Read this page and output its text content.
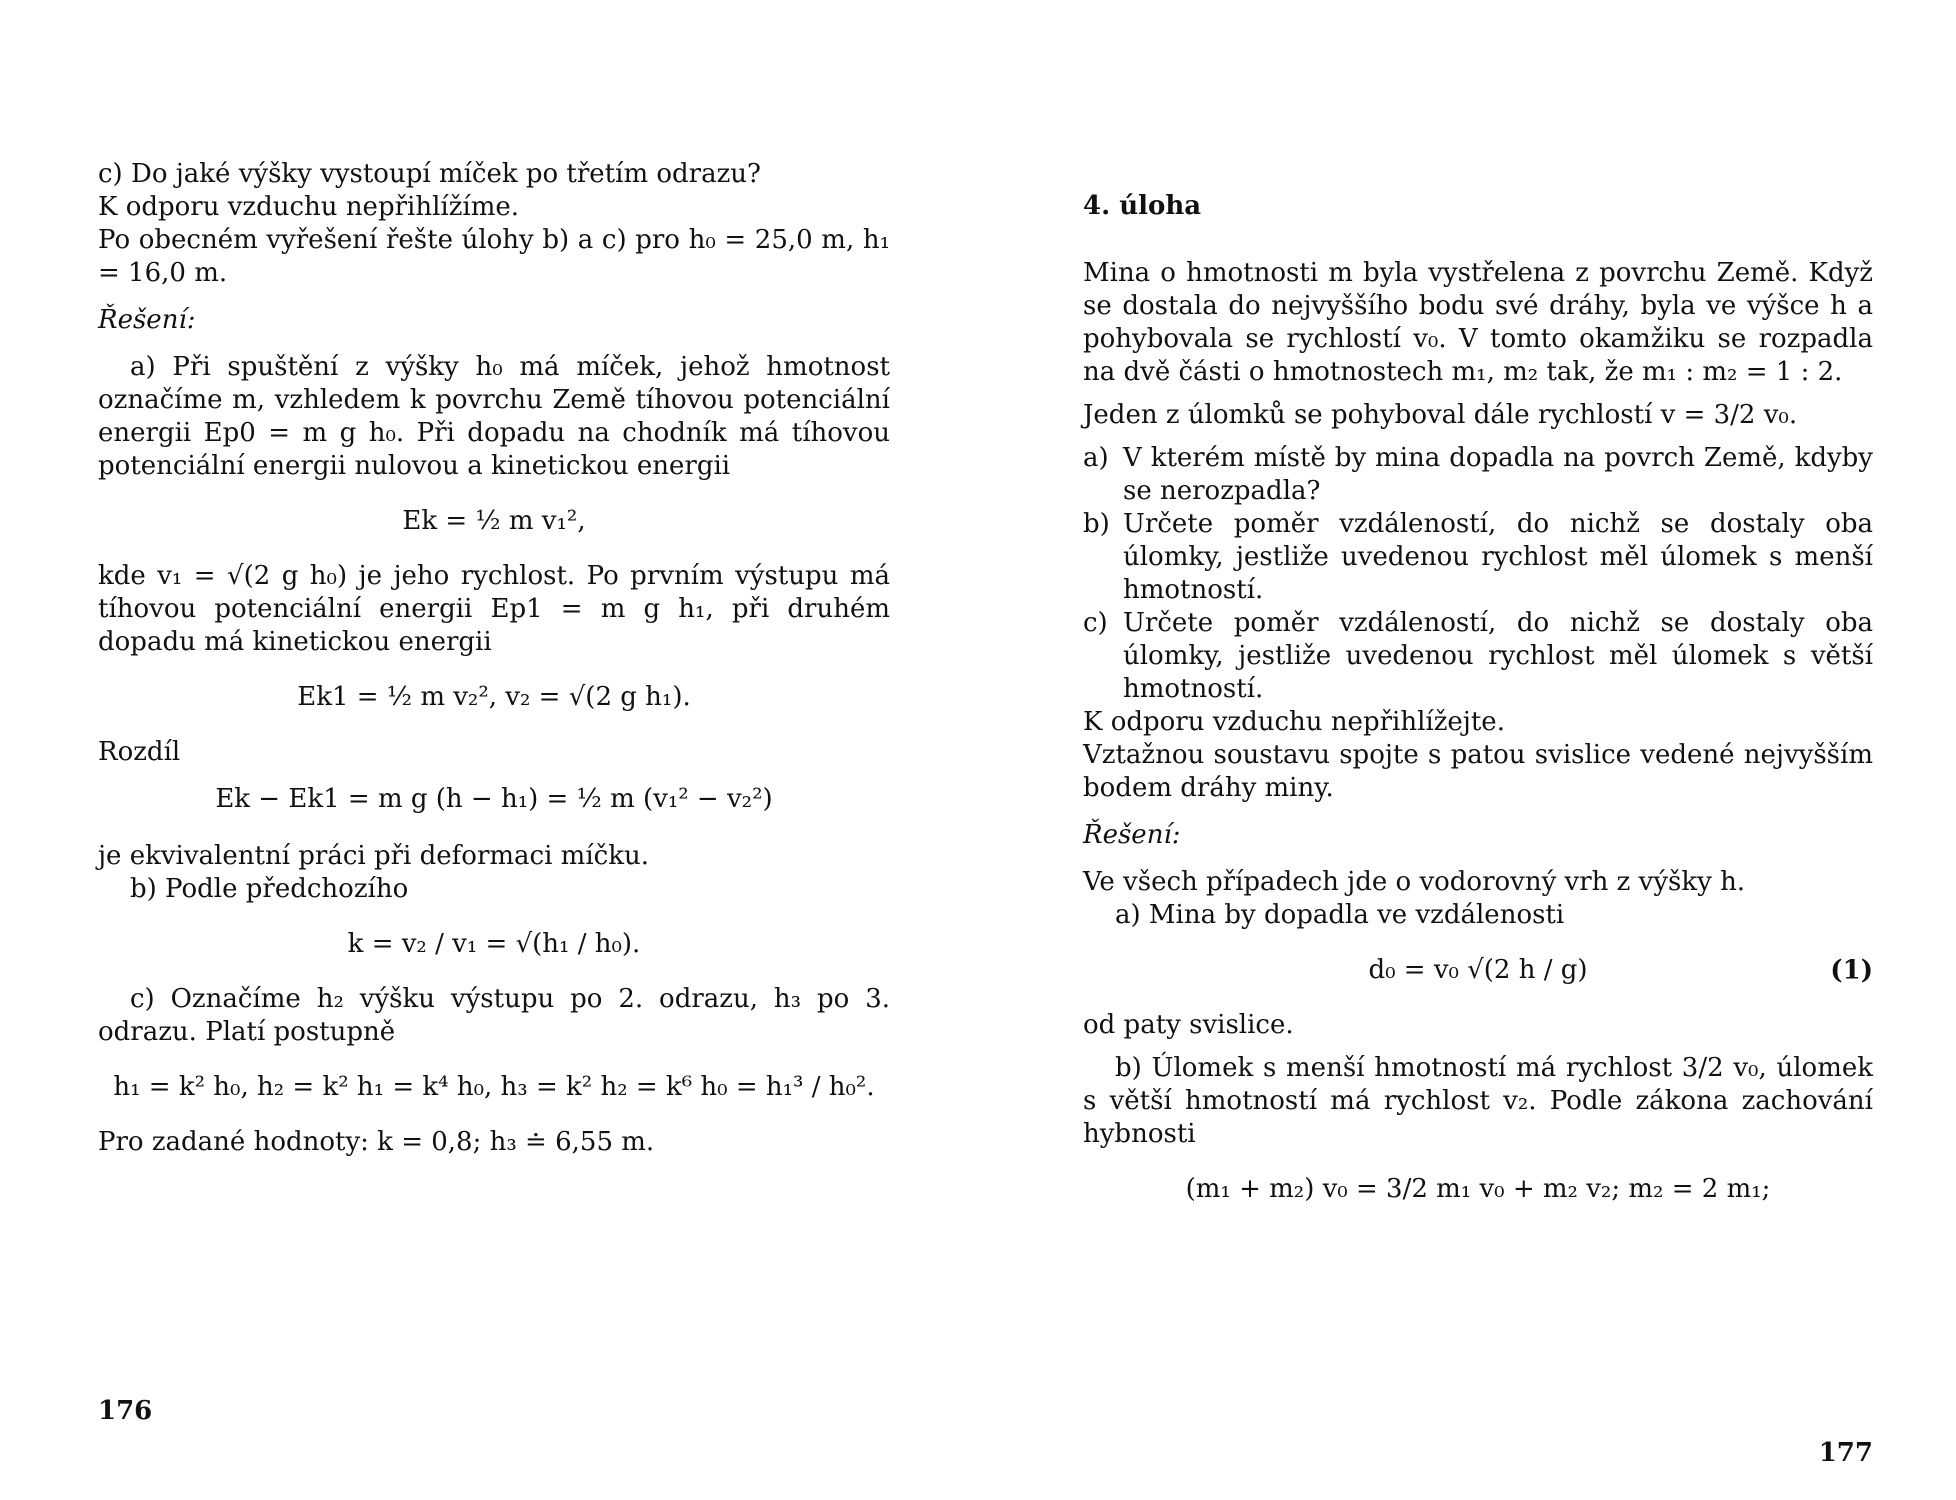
c) Do jaké výšky vystoupí míček po třetím odrazu?

K odporu vzduchu nepřihlížíme.

Po obecném vyřešení řešte úlohy b) a c) pro h₀ = 25,0 m, h₁ = 16,0 m.

Řešení:

a) Při spuštění z výšky h₀ má míček, jehož hmotnost označíme m, vzhledem k povrchu Země tíhovou potenciální energii Ep0 = m g h₀. Při dopadu na chodník má tíhovou potenciální energii nulovou a kinetickou energii

Ek = ½ m v₁²,

kde v₁ = √(2 g h₀) je jeho rychlost. Po prvním výstupu má tíhovou potenciální energii Ep1 = m g h₁, při druhém dopadu má kinetickou energii

Ek1 = ½ m v₂², v₂ = √(2 g h₁).

Rozdíl

Ek − Ek1 = m g (h − h₁) = ½ m (v₁² − v₂²)

je ekvivalentní práci při deformaci míčku.

b) Podle předchozího

k = v₂ / v₁ = √(h₁ / h₀).

c) Označíme h₂ výšku výstupu po 2. odrazu, h₃ po 3. odrazu. Platí postupně

h₁ = k² h₀, h₂ = k² h₁ = k⁴ h₀, h₃ = k² h₂ = k⁶ h₀ = h₁³ / h₀².

Pro zadané hodnoty: k = 0,8; h₃ ≐ 6,55 m.

176

4. úloha

Mina o hmotnosti m byla vystřelena z povrchu Země. Když se dostala do nejvyššího bodu své dráhy, byla ve výšce h a pohybovala se rychlostí v₀. V tomto okamžiku se rozpadla na dvě části o hmotnostech m₁, m₂ tak, že m₁ : m₂ = 1 : 2.

Jeden z úlomků se pohyboval dále rychlostí v = 3/2 v₀.

a) V kterém místě by mina dopadla na povrch Země, kdyby se nerozpadla?
b) Určete poměr vzdáleností, do nichž se dostaly oba úlomky, jestliže uvedenou rychlost měl úlomek s menší hmotností.
c) Určete poměr vzdáleností, do nichž se dostaly oba úlomky, jestliže uvedenou rychlost měl úlomek s větší hmotností.

K odporu vzduchu nepřihlížejte.

Vztažnou soustavu spojte s patou svislice vedené nejvyšším bodem dráhy miny.

Řešení:

Ve všech případech jde o vodorovný vrh z výšky h.

a) Mina by dopadla ve vzdálenosti

d₀ = v₀ √(2 h / g)	(1)

od paty svislice.

b) Úlomek s menší hmotností má rychlost 3/2 v₀, úlomek s větší hmotností má rychlost v₂. Podle zákona zachování hybnosti

(m₁ + m₂) v₀ = 3/2 m₁ v₀ + m₂ v₂; m₂ = 2 m₁;
177
